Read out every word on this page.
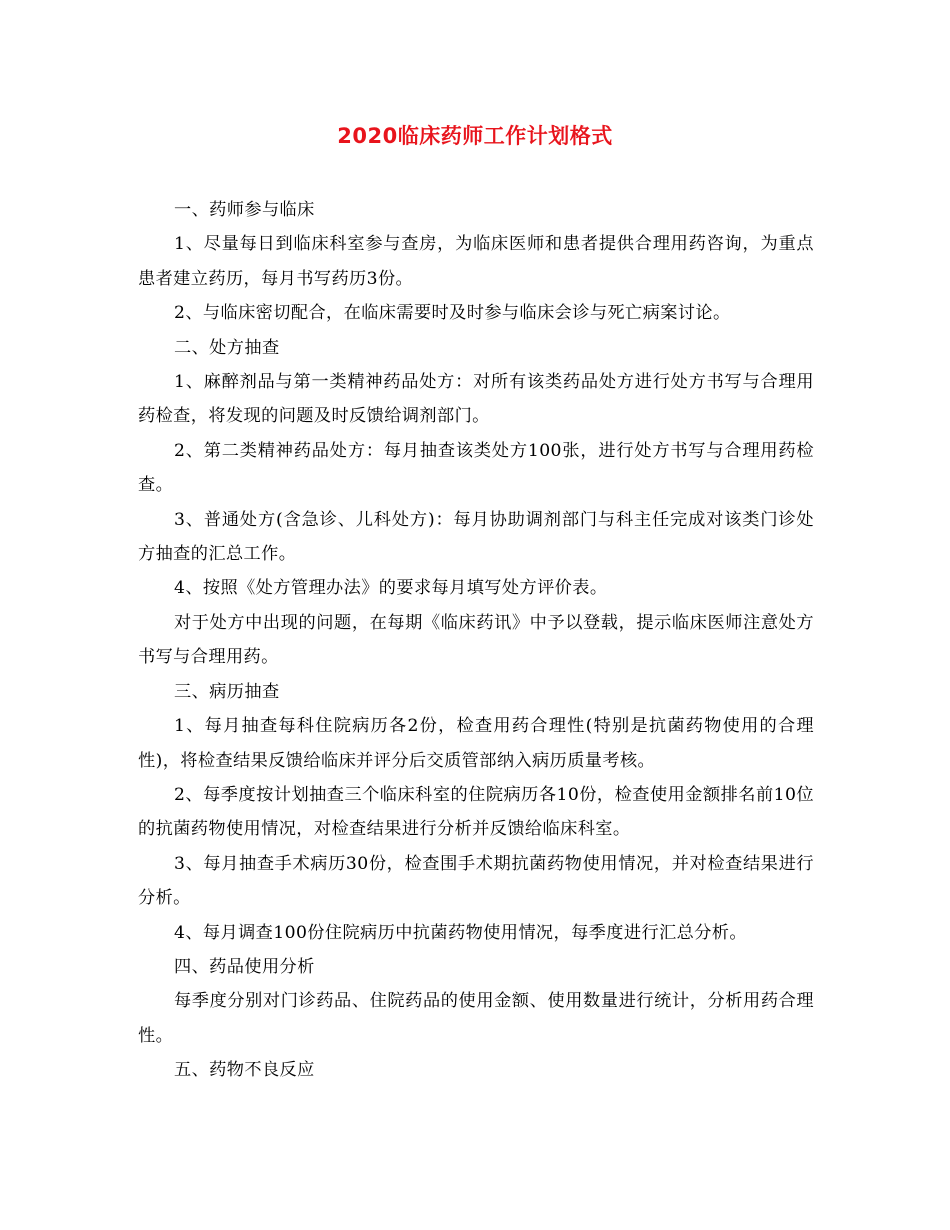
2020临床药师工作计划格式

一、药师参与临床

1、尽量每日到临床科室参与查房，为临床医师和患者提供合理用药咨询，为重点患者建立药历，每月书写药历3份。

2、与临床密切配合，在临床需要时及时参与临床会诊与死亡病案讨论。

二、处方抽查

1、麻醉剂品与第一类精神药品处方：对所有该类药品处方进行处方书写与合理用药检查，将发现的问题及时反馈给调剂部门。

2、第二类精神药品处方：每月抽查该类处方100张，进行处方书写与合理用药检查。

3、普通处方(含急诊、儿科处方)：每月协助调剂部门与科主任完成对该类门诊处方抽查的汇总工作。

4、按照《处方管理办法》的要求每月填写处方评价表。

对于处方中出现的问题，在每期《临床药讯》中予以登载，提示临床医师注意处方书写与合理用药。

三、病历抽查

1、每月抽查每科住院病历各2份，检查用药合理性(特别是抗菌药物使用的合理性)，将检查结果反馈给临床并评分后交质管部纳入病历质量考核。

2、每季度按计划抽查三个临床科室的住院病历各10份，检查使用金额排名前10位的抗菌药物使用情况，对检查结果进行分析并反馈给临床科室。

3、每月抽查手术病历30份，检查围手术期抗菌药物使用情况，并对检查结果进行分析。

4、每月调查100份住院病历中抗菌药物使用情况，每季度进行汇总分析。

四、药品使用分析

每季度分别对门诊药品、住院药品的使用金额、使用数量进行统计，分析用药合理性。

五、药物不良反应
